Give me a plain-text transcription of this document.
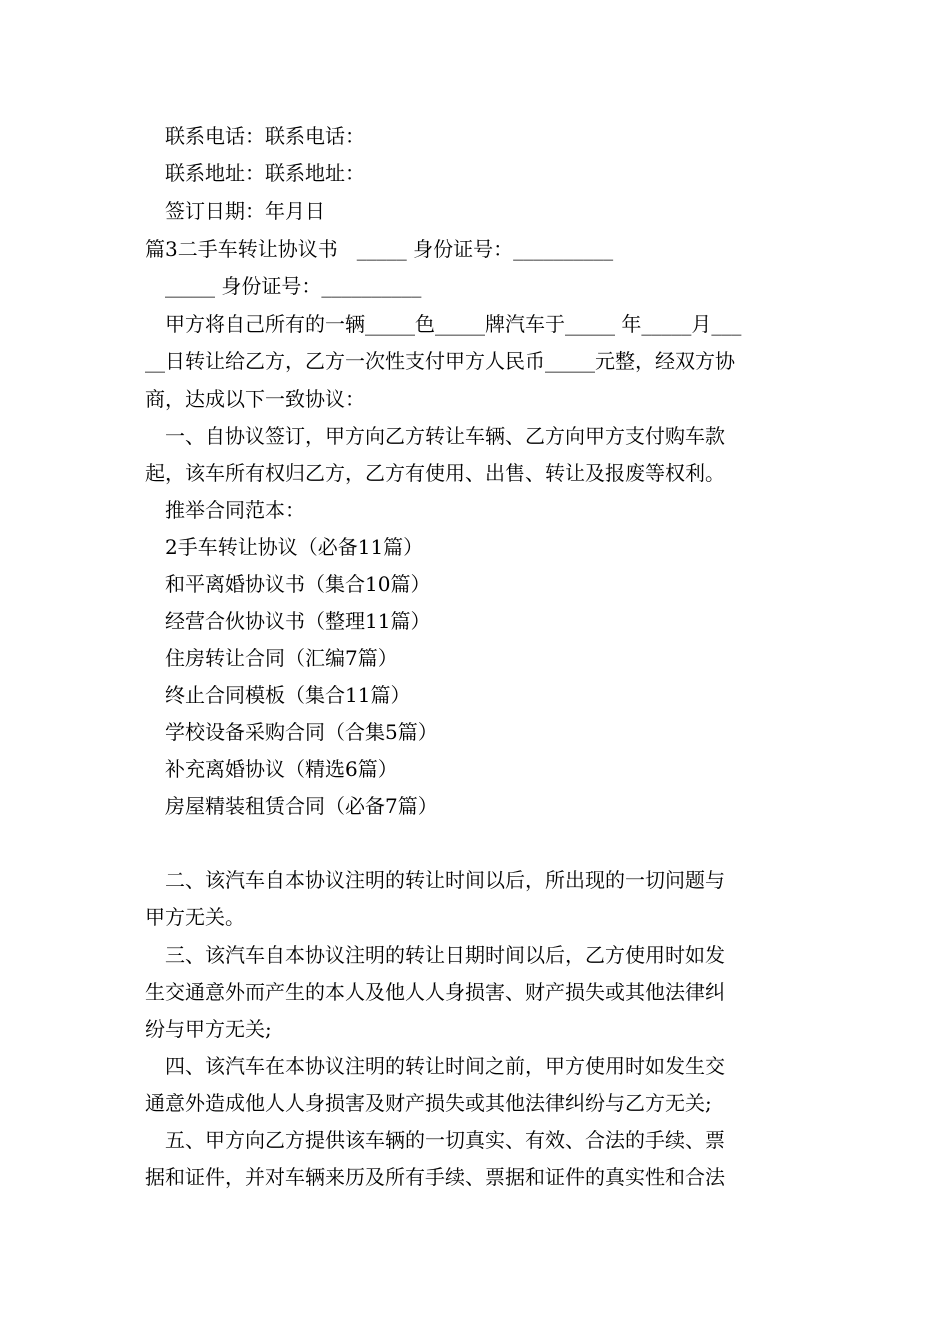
联系电话：联系电话：
联系地址：联系地址：
签订日期：年月日
篇3二手车转让协议书   _____ 身份证号：__________
_____ 身份证号：__________
甲方将自己所有的一辆_____色_____牌汽车于_____ 年_____月___
__日转让给乙方，乙方一次性支付甲方人民币_____元整，经双方协
商，达成以下一致协议：
一、自协议签订，甲方向乙方转让车辆、乙方向甲方支付购车款
起，该车所有权归乙方，乙方有使用、出售、转让及报废等权利。
推举合同范本：
2手车转让协议（必备11篇）
和平离婚协议书（集合10篇）
经营合伙协议书（整理11篇）
住房转让合同（汇编7篇）
终止合同模板（集合11篇）
学校设备采购合同（合集5篇）
补充离婚协议（精选6篇）
房屋精装租赁合同（必备7篇）
二、该汽车自本协议注明的转让时间以后，所出现的一切问题与
甲方无关。
三、该汽车自本协议注明的转让日期时间以后，乙方使用时如发
生交通意外而产生的本人及他人人身损害、财产损失或其他法律纠
纷与甲方无关;
四、该汽车在本协议注明的转让时间之前，甲方使用时如发生交
通意外造成他人人身损害及财产损失或其他法律纠纷与乙方无关;
五、甲方向乙方提供该车辆的一切真实、有效、合法的手续、票
据和证件，并对车辆来历及所有手续、票据和证件的真实性和合法
